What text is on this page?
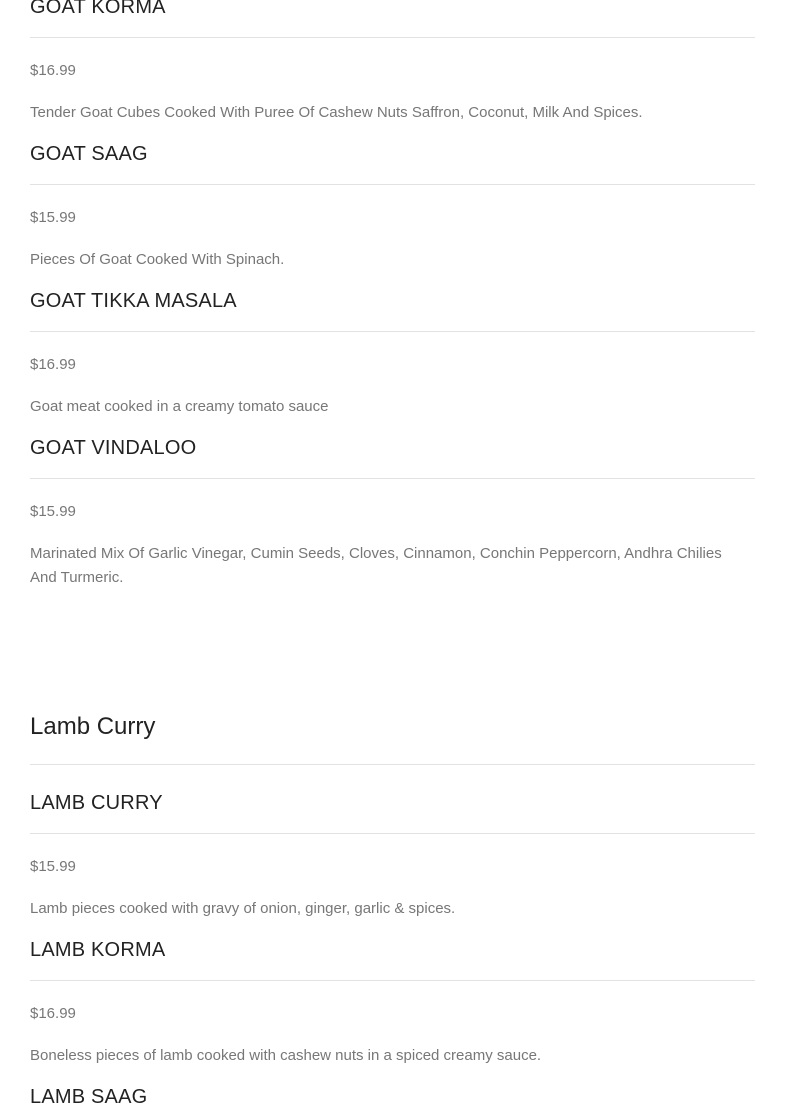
GOAT KORMA
$16.99
Tender Goat Cubes Cooked With Puree Of Cashew Nuts Saffron, Coconut, Milk And Spices.
GOAT SAAG
$15.99
Pieces Of Goat Cooked With Spinach.
GOAT TIKKA MASALA
$16.99
Goat meat cooked in a creamy tomato sauce
GOAT VINDALOO
$15.99
Marinated Mix Of Garlic Vinegar, Cumin Seeds, Cloves, Cinnamon, Conchin Peppercorn, Andhra Chilies And Turmeric.
Lamb Curry
LAMB CURRY
$15.99
Lamb pieces cooked with gravy of onion, ginger, garlic & spices.
LAMB KORMA
$16.99
Boneless pieces of lamb cooked with cashew nuts in a spiced creamy sauce.
LAMB SAAG
